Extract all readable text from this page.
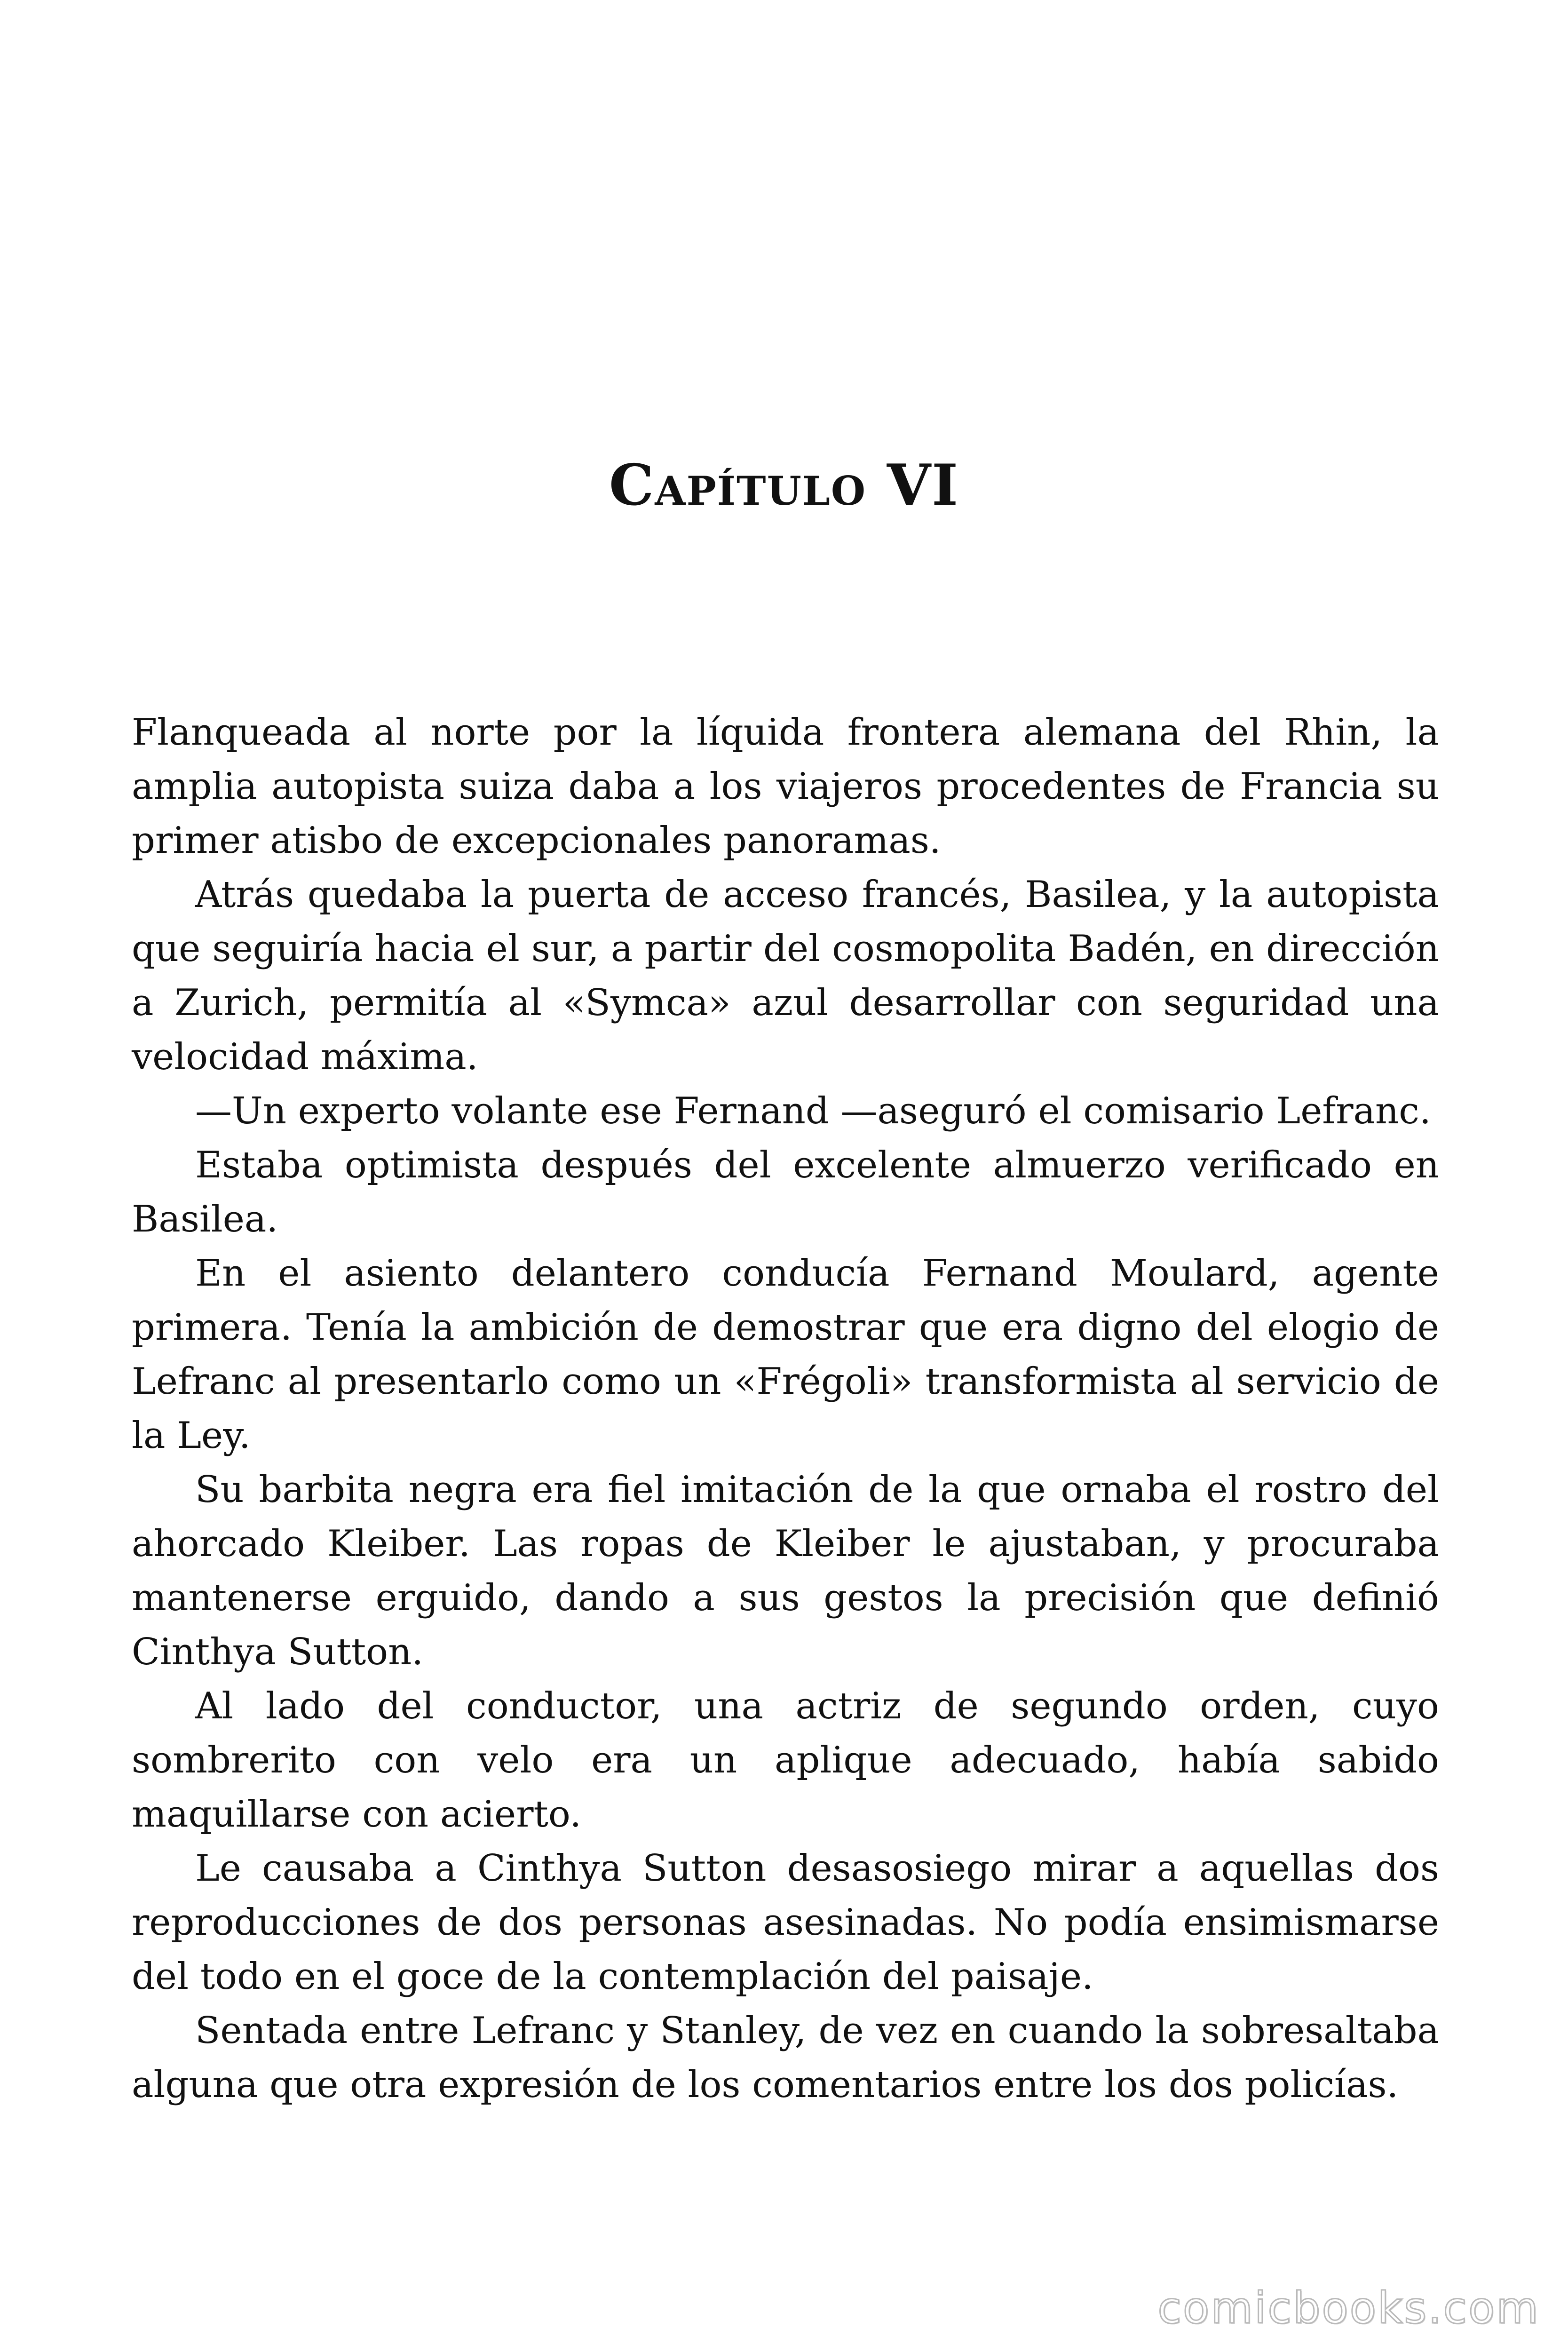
Capítulo VI

Flanqueada al norte por la líquida frontera alemana del Rhin, la amplia autopista suiza daba a los viajeros procedentes de Francia su primer atisbo de excepcionales panoramas.

Atrás quedaba la puerta de acceso francés, Basilea, y la autopista que seguiría hacia el sur, a partir del cosmopolita Badén, en dirección a Zurich, permitía al «Symca» azul desarrollar con seguridad una velocidad máxima.

—Un experto volante ese Fernand —aseguró el comisario Lefranc.

Estaba optimista después del excelente almuerzo verificado en Basilea.

En el asiento delantero conducía Fernand Moulard, agente primera. Tenía la ambición de demostrar que era digno del elogio de Lefranc al presentarlo como un «Frégoli» transformista al servicio de la Ley.

Su barbita negra era fiel imitación de la que ornaba el rostro del ahorcado Kleiber. Las ropas de Kleiber le ajustaban, y procuraba mantenerse erguido, dando a sus gestos la precisión que definió Cinthya Sutton.

Al lado del conductor, una actriz de segundo orden, cuyo sombrerito con velo era un aplique adecuado, había sabido maquillarse con acierto.

Le causaba a Cinthya Sutton desasosiego mirar a aquellas dos reproducciones de dos personas asesinadas. No podía ensimismarse del todo en el goce de la contemplación del paisaje.

Sentada entre Lefranc y Stanley, de vez en cuando la sobresaltaba alguna que otra expresión de los comentarios entre los dos policías.

comicbooks.com
